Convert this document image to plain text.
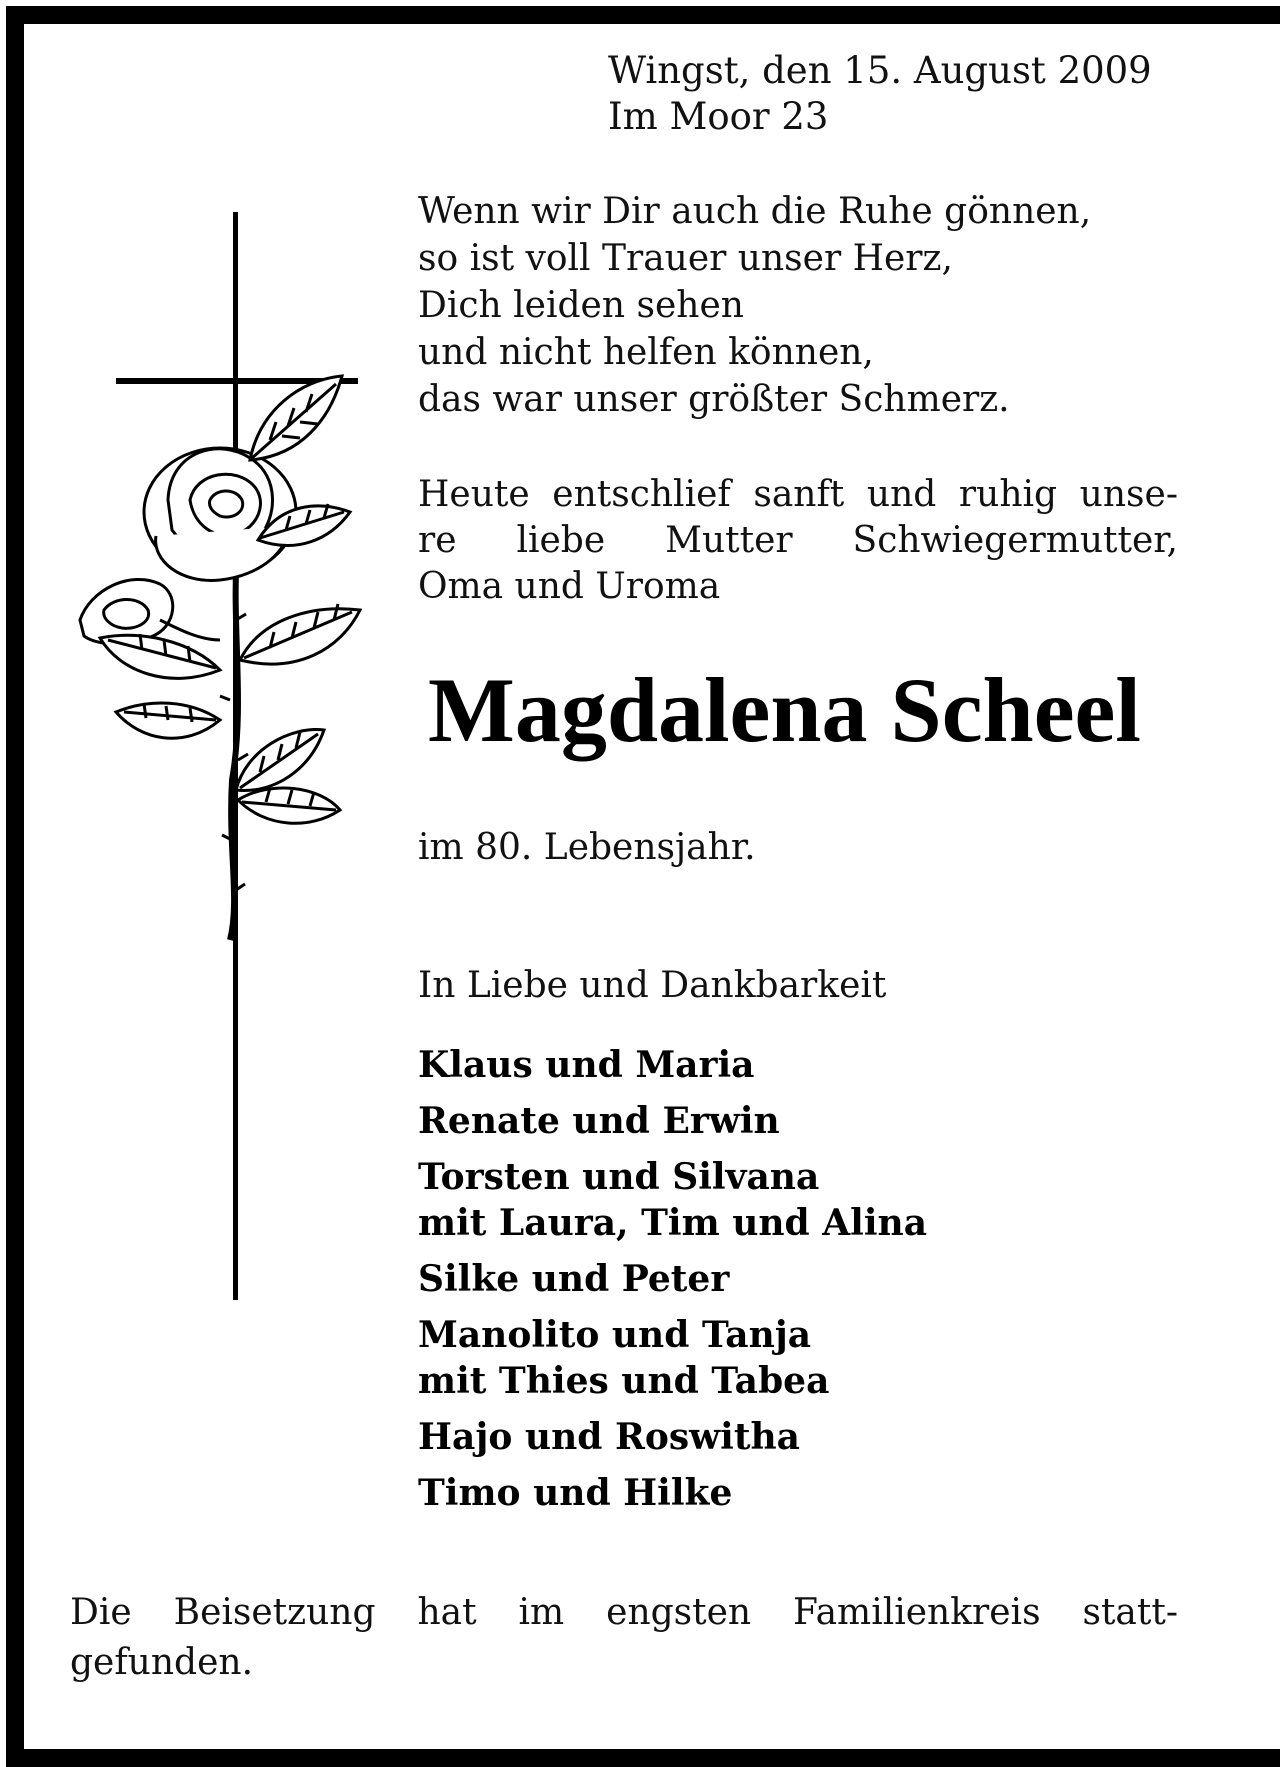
Wingst, den 15. August 2009
Im Moor 23
Wenn wir Dir auch die Ruhe gönnen,
so ist voll Trauer unser Herz,
Dich leiden sehen
und nicht helfen können,
das war unser größter Schmerz.
Heute entschlief sanft und ruhig unse-
re liebe Mutter Schwiegermutter,
Oma und Uroma
Magdalena Scheel
im 80. Lebensjahr.
In Liebe und Dankbarkeit
Klaus und Maria
Renate und Erwin
Torsten und Silvana
mit Laura, Tim und Alina
Silke und Peter
Manolito und Tanja
mit Thies und Tabea
Hajo und Roswitha
Timo und Hilke
Die Beisetzung hat im engsten Familienkreis statt-
gefunden.
